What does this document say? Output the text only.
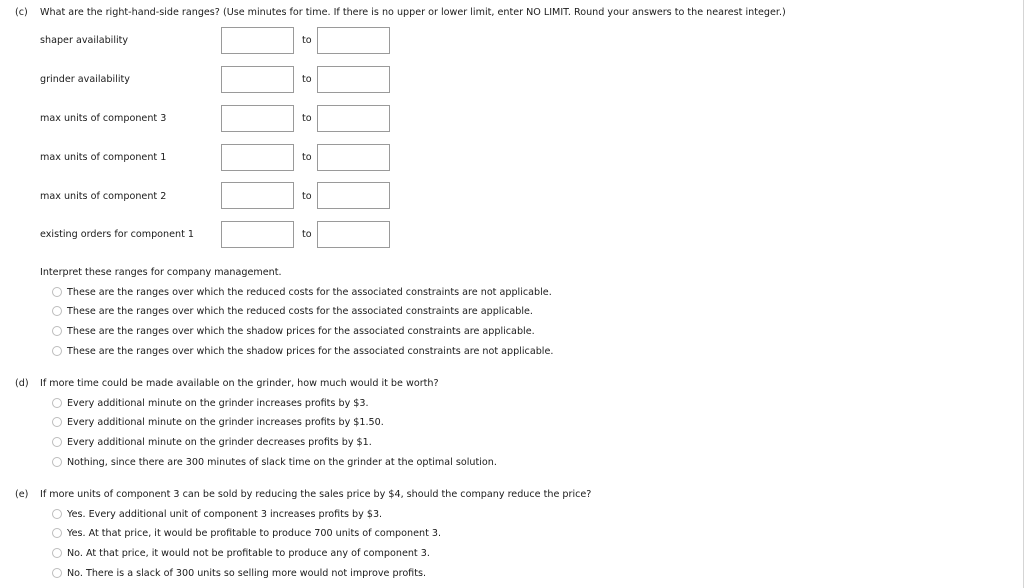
(c) What are the right-hand-side ranges? (Use minutes for time. If there is no upper or lower limit, enter NO LIMIT. Round your answers to the nearest integer.)
shaper availability	to
grinder availability	to
max units of component 3	to
max units of component 1	to
max units of component 2	to
existing orders for component 1	to
Interpret these ranges for company management.
These are the ranges over which the reduced costs for the associated constraints are not applicable.
These are the ranges over which the reduced costs for the associated constraints are applicable.
These are the ranges over which the shadow prices for the associated constraints are applicable.
These are the ranges over which the shadow prices for the associated constraints are not applicable.
(d) If more time could be made available on the grinder, how much would it be worth?
Every additional minute on the grinder increases profits by $3.
Every additional minute on the grinder increases profits by $1.50.
Every additional minute on the grinder decreases profits by $1.
Nothing, since there are 300 minutes of slack time on the grinder at the optimal solution.
(e) If more units of component 3 can be sold by reducing the sales price by $4, should the company reduce the price?
Yes. Every additional unit of component 3 increases profits by $3.
Yes. At that price, it would be profitable to produce 700 units of component 3.
No. At that price, it would not be profitable to produce any of component 3.
No. There is a slack of 300 units so selling more would not improve profits.
